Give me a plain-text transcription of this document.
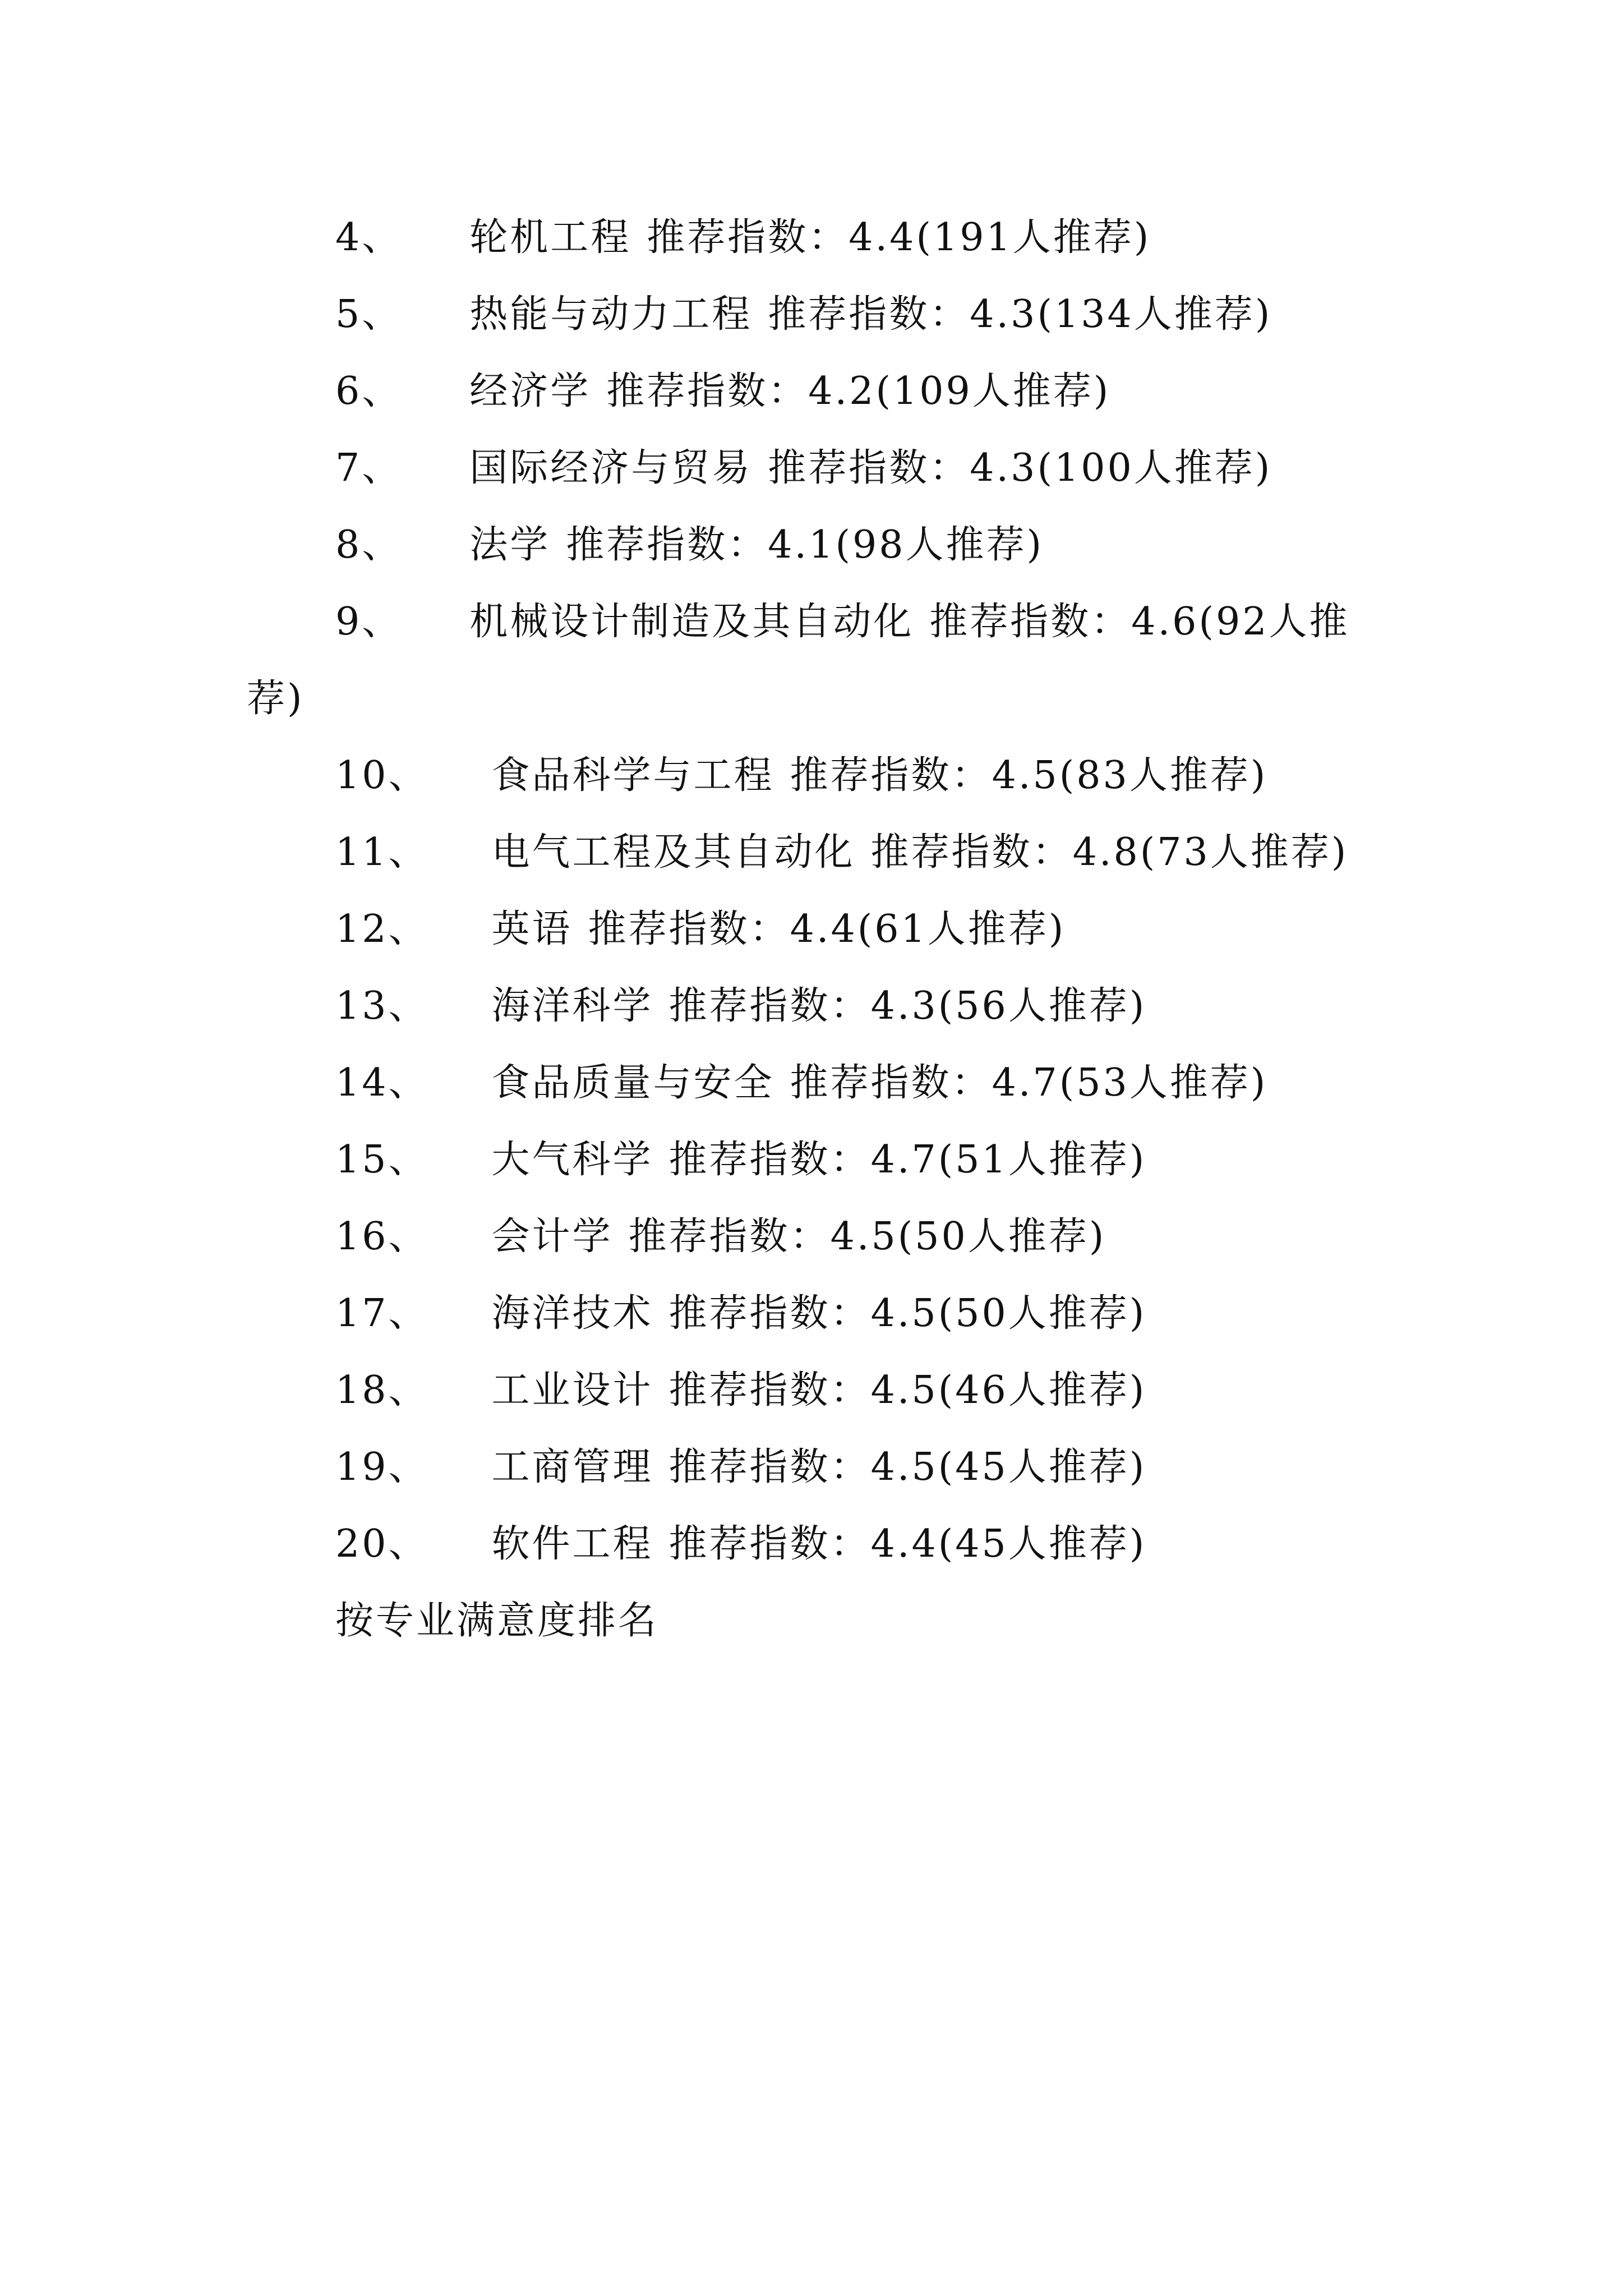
4、 轮机工程 推荐指数：4.4(191人推荐)
5、 热能与动力工程 推荐指数：4.3(134人推荐)
6、 经济学 推荐指数：4.2(109人推荐)
7、 国际经济与贸易 推荐指数：4.3(100人推荐)
8、 法学 推荐指数：4.1(98人推荐)
9、 机械设计制造及其自动化 推荐指数：4.6(92人推
荐)
10、 食品科学与工程 推荐指数：4.5(83人推荐)
11、 电气工程及其自动化 推荐指数：4.8(73人推荐)
12、 英语 推荐指数：4.4(61人推荐)
13、 海洋科学 推荐指数：4.3(56人推荐)
14、 食品质量与安全 推荐指数：4.7(53人推荐)
15、 大气科学 推荐指数：4.7(51人推荐)
16、 会计学 推荐指数：4.5(50人推荐)
17、 海洋技术 推荐指数：4.5(50人推荐)
18、 工业设计 推荐指数：4.5(46人推荐)
19、 工商管理 推荐指数：4.5(45人推荐)
20、 软件工程 推荐指数：4.4(45人推荐)
按专业满意度排名
